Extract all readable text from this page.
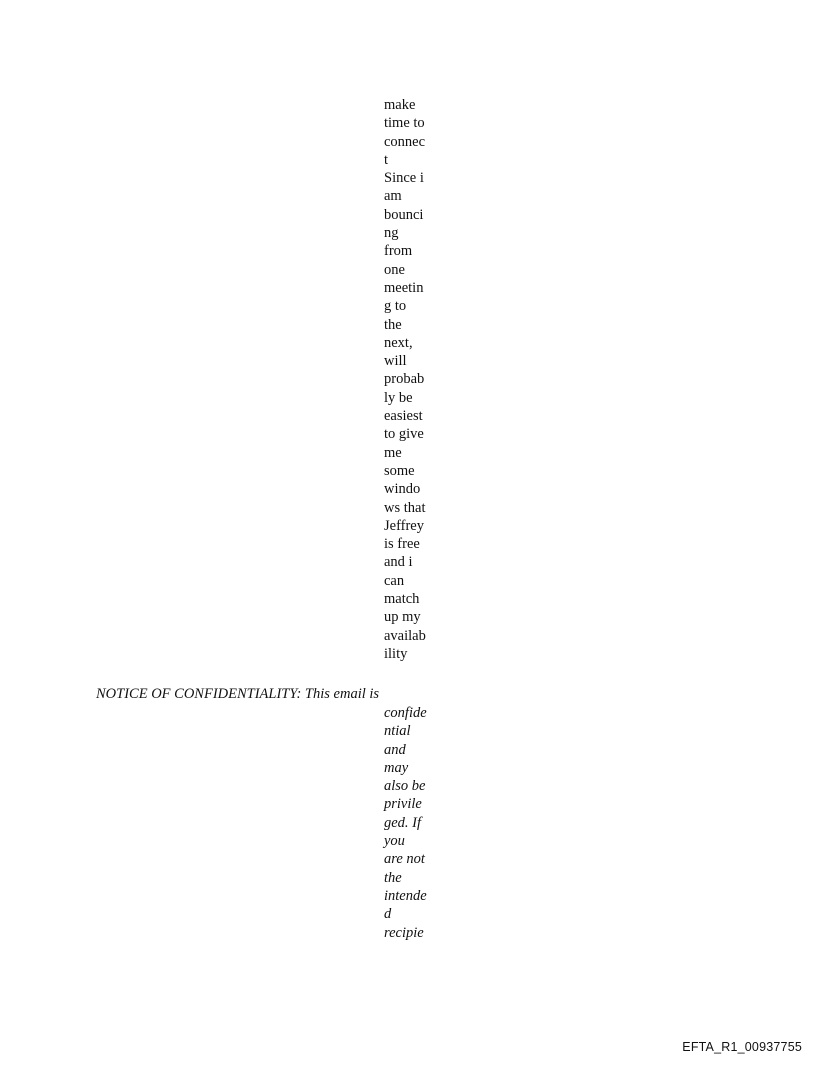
make
time to
connec
t
Since i
am
bounci
ng
from
one
meetin
g to
the
next,
will
probab
ly be
easiest
to give
me
some
windo
ws that
Jeffrey
is free
and i
can
match
up my
availab
ility
NOTICE OF CONFIDENTIALITY: This email is
confide
ntial
and
may
also be
privile
ged. If
you
are not
the
intende
d
recipie
EFTA_R1_00937755
